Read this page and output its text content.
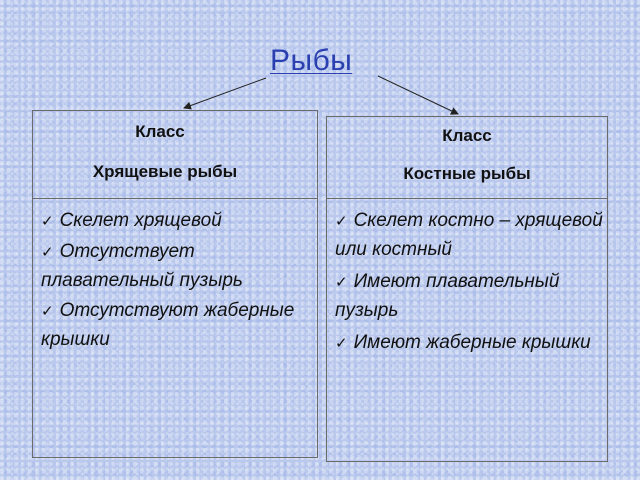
Рыбы
Класс
Хрящевые рыбы
✓ Скелет хрящевой
✓ Отсутствует плавательный пузырь
✓ Отсутствуют жаберные крышки
Класс
Костные рыбы
✓ Скелет костно – хрящевой или костный
✓ Имеют плавательный пузырь
✓ Имеют жаберные крышки
